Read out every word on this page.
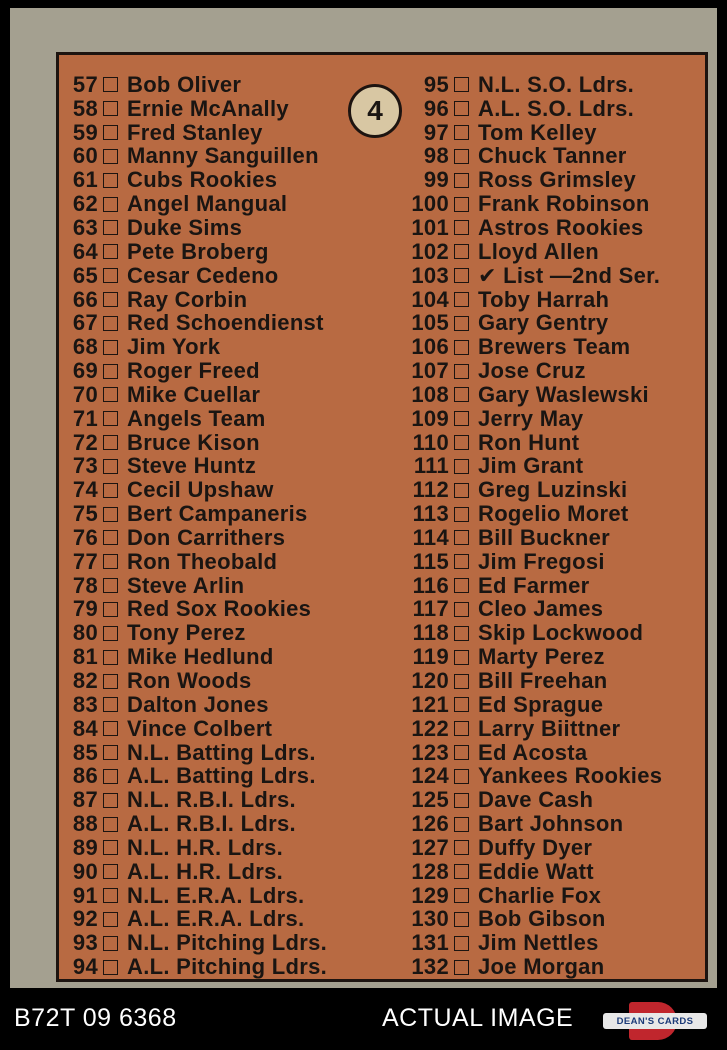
57 Bob Oliver
58 Ernie McAnally
59 Fred Stanley
60 Manny Sanguillen
61 Cubs Rookies
62 Angel Mangual
63 Duke Sims
64 Pete Broberg
65 Cesar Cedeno
66 Ray Corbin
67 Red Schoendienst
68 Jim York
69 Roger Freed
70 Mike Cuellar
71 Angels Team
72 Bruce Kison
73 Steve Huntz
74 Cecil Upshaw
75 Bert Campaneris
76 Don Carrithers
77 Ron Theobald
78 Steve Arlin
79 Red Sox Rookies
80 Tony Perez
81 Mike Hedlund
82 Ron Woods
83 Dalton Jones
84 Vince Colbert
85 N.L. Batting Ldrs.
86 A.L. Batting Ldrs.
87 N.L. R.B.I. Ldrs.
88 A.L. R.B.I. Ldrs.
89 N.L. H.R. Ldrs.
90 A.L. H.R. Ldrs.
91 N.L. E.R.A. Ldrs.
92 A.L. E.R.A. Ldrs.
93 N.L. Pitching Ldrs.
94 A.L. Pitching Ldrs.
95 N.L. S.O. Ldrs.
96 A.L. S.O. Ldrs.
97 Tom Kelley
98 Chuck Tanner
99 Ross Grimsley
100 Frank Robinson
101 Astros Rookies
102 Lloyd Allen
103 ✔ List —2nd Ser.
104 Toby Harrah
105 Gary Gentry
106 Brewers Team
107 Jose Cruz
108 Gary Waslewski
109 Jerry May
110 Ron Hunt
111 Jim Grant
112 Greg Luzinski
113 Rogelio Moret
114 Bill Buckner
115 Jim Fregosi
116 Ed Farmer
117 Cleo James
118 Skip Lockwood
119 Marty Perez
120 Bill Freehan
121 Ed Sprague
122 Larry Biittner
123 Ed Acosta
124 Yankees Rookies
125 Dave Cash
126 Bart Johnson
127 Duffy Dyer
128 Eddie Watt
129 Charlie Fox
130 Bob Gibson
131 Jim Nettles
132 Joe Morgan
4
B72T 09 6368	ACTUAL IMAGE	DEAN'S CARDS
